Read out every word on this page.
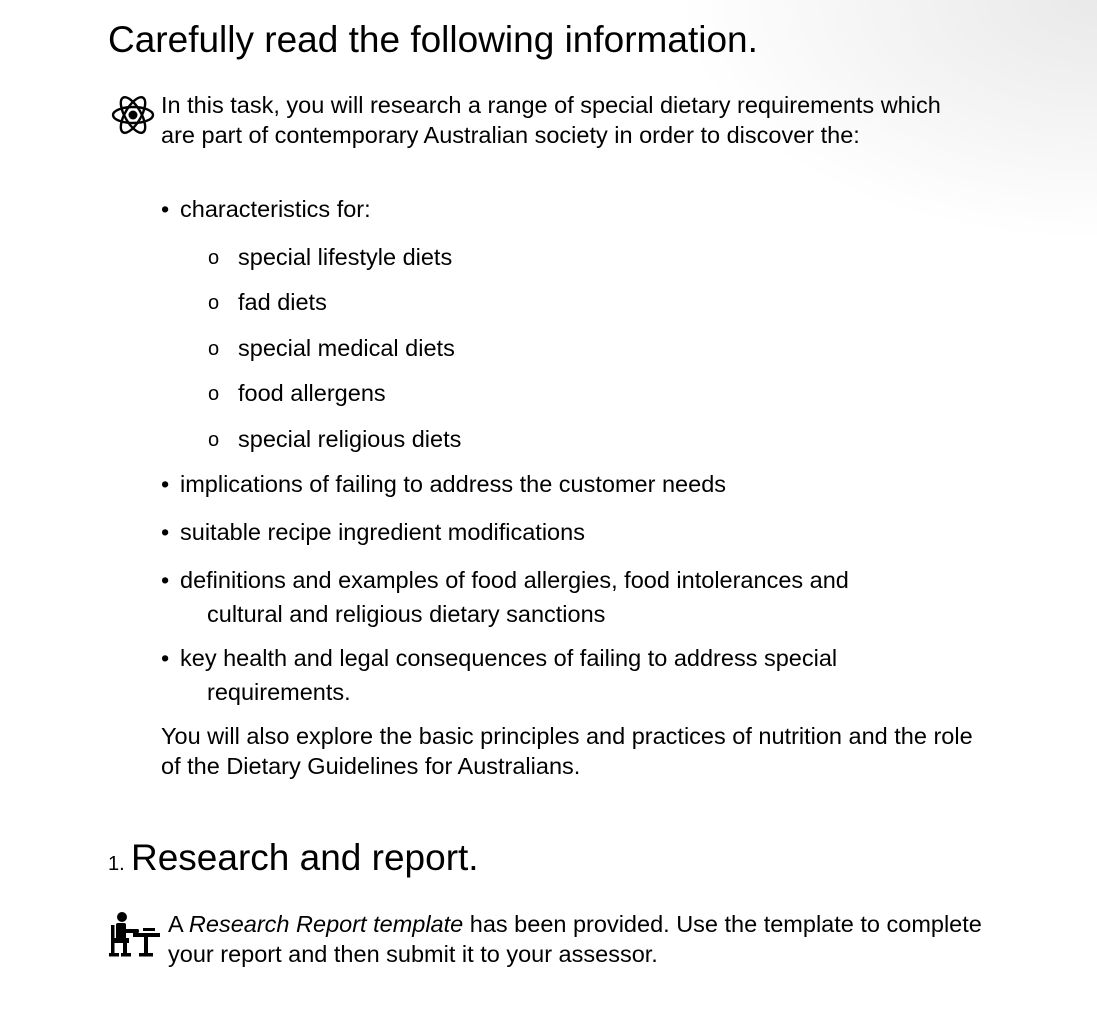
Carefully read the following information.
In this task, you will research a range of special dietary requirements which are part of contemporary Australian society in order to discover the:
• characteristics for:
o special lifestyle diets
o fad diets
o special medical diets
o food allergens
o special religious diets
• implications of failing to address the customer needs
• suitable recipe ingredient modifications
• definitions and examples of food allergies, food intolerances and
cultural and religious dietary sanctions
• key health and legal consequences of failing to address special
requirements.
You will also explore the basic principles and practices of nutrition and the role of the Dietary Guidelines for Australians.
1. Research and report.
A Research Report template has been provided. Use the template to complete your report and then submit it to your assessor.
